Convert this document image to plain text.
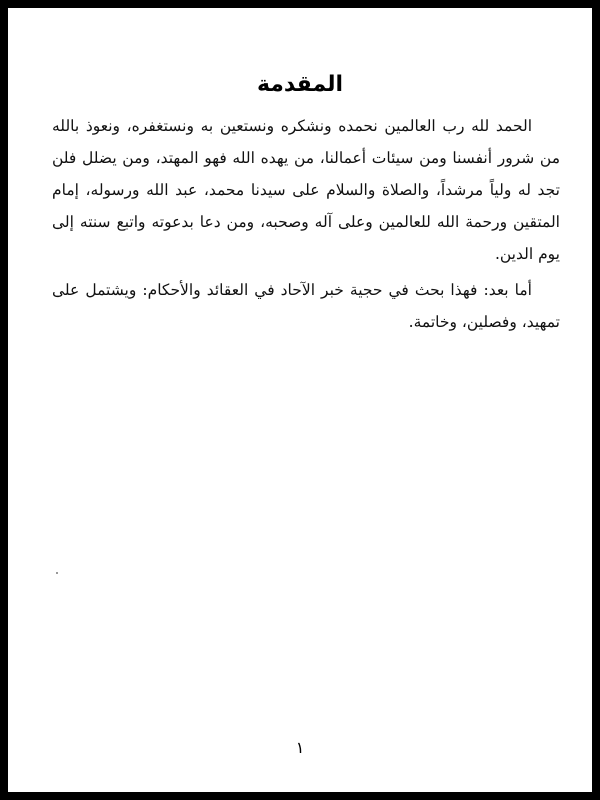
المقدمة

الحمد لله رب العالمين نحمده ونشكره ونستعين به ونستغفره، ونعوذ بالله من شرور أنفسنا ومن سيئات أعمالنا، من يهده الله فهو المهتد، ومن يضلل فلن تجد له ولياً مرشداً، والصلاة والسلام على سيدنا محمد، عبد الله ورسوله، إمام المتقين ورحمة الله للعالمين وعلى آله وصحبه، ومن دعا بدعوته واتبع سنته إلى يوم الدين.

أما بعد: فهذا بحث في حجية خبر الآحاد في العقائد والأحكام: ويشتمل على تمهيد، وفصلين، وخاتمة.

١
